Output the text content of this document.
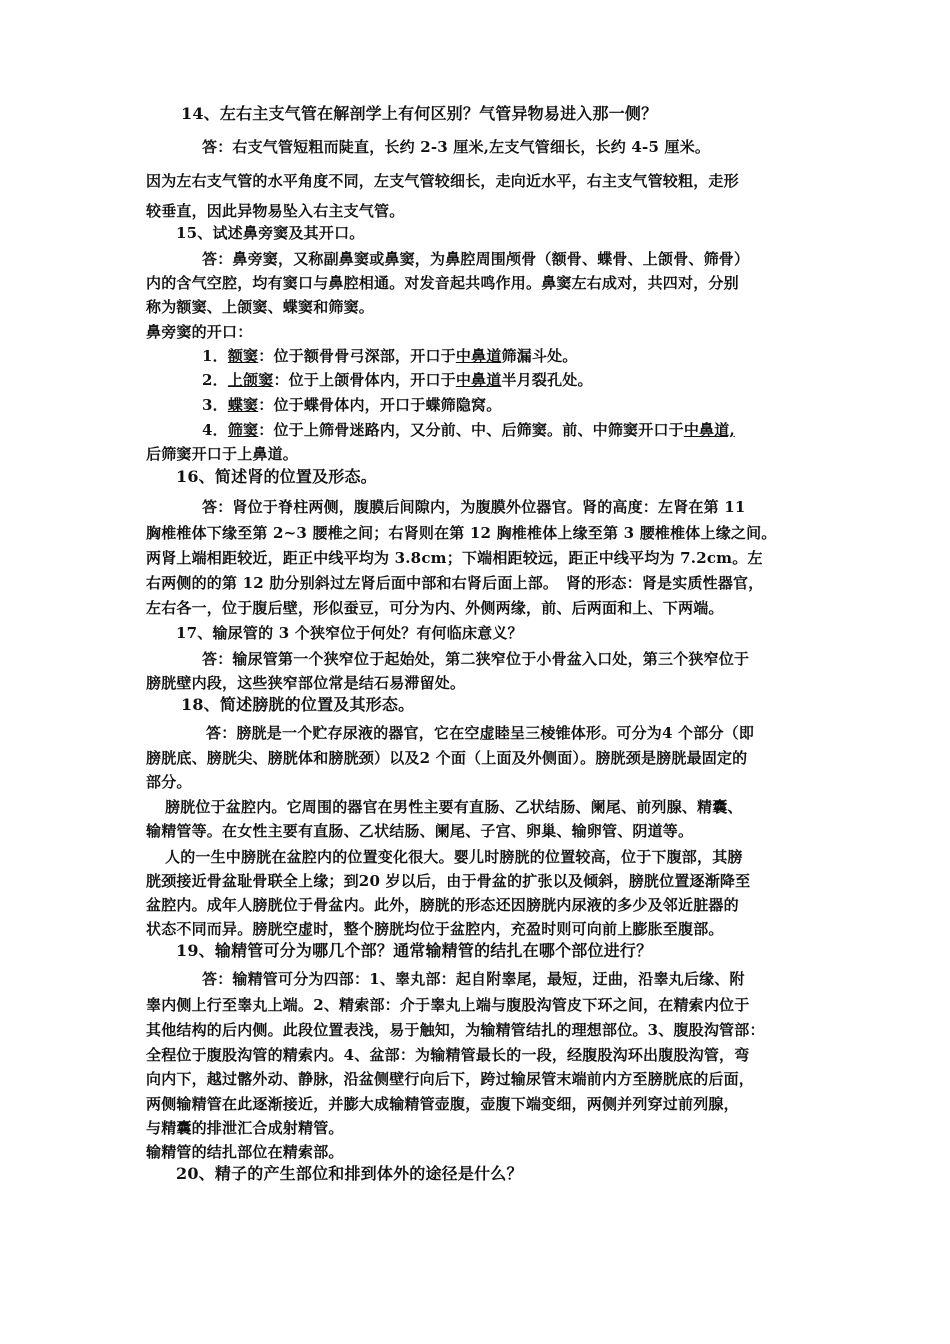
14、左右主支气管在解剖学上有何区别？气管异物易进入那一侧？
答：右支气管短粗而陡直，长约 2-3 厘米,左支气管细长，长约 4-5 厘米。
因为左右支气管的水平角度不同，左支气管较细长，走向近水平，右主支气管较粗，走形
较垂直，因此异物易坠入右主支气管。
15、试述鼻旁窦及其开口。
答：鼻旁窦，又称副鼻窦或鼻窦，为鼻腔周围颅骨（额骨、蝶骨、上颌骨、筛骨）
内的含气空腔，均有窦口与鼻腔相通。对发音起共鸣作用。鼻窦左右成对，共四对，分别
称为额窦、上颌窦、蝶窦和筛窦。
鼻旁窦的开口：
1．额窦：位于额骨骨弓深部，开口于中鼻道筛漏斗处。
2．上颌窦：位于上颌骨体内，开口于中鼻道半月裂孔处。
3．蝶窦：位于蝶骨体内，开口于蝶筛隐窝。
4．筛窦：位于上筛骨迷路内，又分前、中、后筛窦。前、中筛窦开口于中鼻道,
后筛窦开口于上鼻道。
16、简述肾的位置及形态。
答：肾位于脊柱两侧，腹膜后间隙内，为腹膜外位器官。肾的高度：左肾在第 11
胸椎椎体下缘至第 2~3 腰椎之间；右肾则在第 12 胸椎椎体上缘至第 3 腰椎椎体上缘之间。
两肾上端相距较近，距正中线平均为 3.8cm；下端相距较远，距正中线平均为 7.2cm。左
右两侧的的第 12 肋分别斜过左肾后面中部和右肾后面上部。　肾的形态：肾是实质性器官，
左右各一，位于腹后壁，形似蚕豆，可分为内、外侧两缘，前、后两面和上、下两端。
17、输尿管的 3 个狭窄位于何处？有何临床意义？
答：输尿管第一个狭窄位于起始处，第二狭窄位于小骨盆入口处，第三个狭窄位于
膀胱壁内段，这些狭窄部位常是结石易滞留处。
18、简述膀胱的位置及其形态。
答：膀胱是一个贮存尿液的器官，它在空虚睦呈三棱锥体形。可分为4 个部分（即
膀胱底、膀胱尖、膀胱体和膀胱颈）以及2 个面（上面及外侧面）。膀胱颈是膀胱最固定的
部分。
膀胱位于盆腔内。它周围的器官在男性主要有直肠、乙状结肠、阑尾、前列腺、精囊、
输精管等。在女性主要有直肠、乙状结肠、阑尾、子宫、卵巢、输卵管、阴道等。
人的一生中膀胱在盆腔内的位置变化很大。婴儿时膀胱的位置较高，位于下腹部，其膀
胱颈接近骨盆耻骨联全上缘；到20 岁以后，由于骨盆的扩张以及倾斜，膀胱位置逐渐降至
盆腔内。成年人膀胱位于骨盆内。此外，膀胱的形态还因膀胱内尿液的多少及邻近脏器的
状态不同而异。膀胱空虚时，整个膀胱均位于盆腔内，充盈时则可向前上膨胀至腹部。
19、输精管可分为哪几个部？通常输精管的结扎在哪个部位进行？
答：输精管可分为四部：1、睾丸部：起自附睾尾，最短，迂曲，沿睾丸后缘、附
睾内侧上行至睾丸上端。2、精索部：介于睾丸上端与腹股沟管皮下环之间，在精索内位于
其他结构的后内侧。此段位置表浅，易于触知，为输精管结扎的理想部位。3、腹股沟管部：
全程位于腹股沟管的精索内。4、盆部：为输精管最长的一段，经腹股沟环出腹股沟管，弯
向内下，越过髂外动、静脉，沿盆侧壁行向后下，跨过输尿管末端前内方至膀胱底的后面，
两侧输精管在此逐渐接近，并膨大成输精管壶腹，壶腹下端变细，两侧并列穿过前列腺，
与精囊的排泄汇合成射精管。
输精管的结扎部位在精索部。
20、精子的产生部位和排到体外的途径是什么？
